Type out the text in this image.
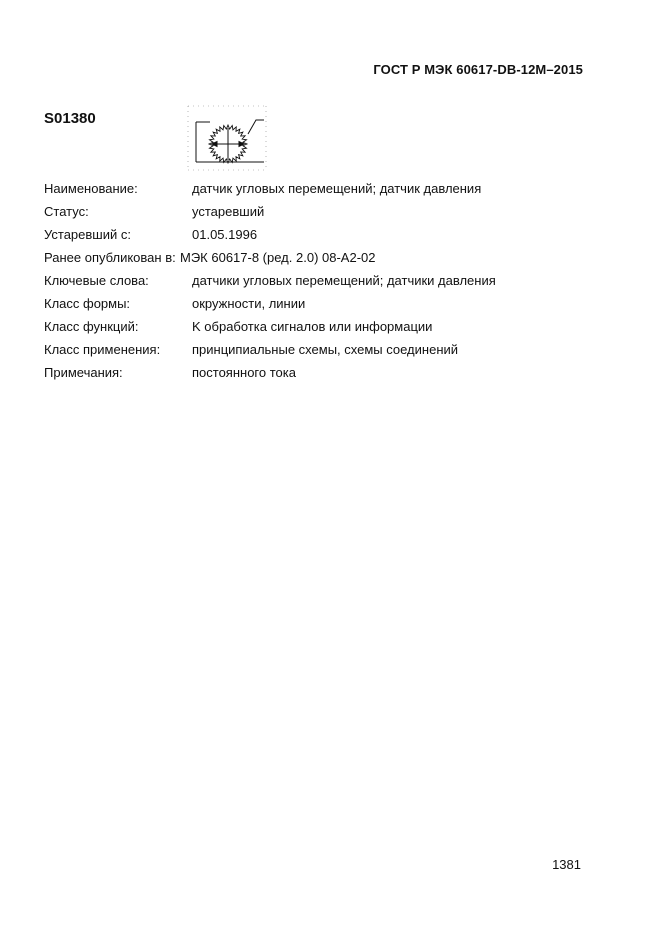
ГОСТ Р МЭК 60617-DB-12M–2015
S01380
Наименование:	датчик угловых перемещений; датчик давления
Статус:	устаревший
Устаревший с:	01.05.1996
Ранее опубликован в: МЭК 60617-8 (ред. 2.0) 08-A2-02
Ключевые слова:	датчики угловых перемещений; датчики давления
Класс формы:	окружности, линии
Класс функций:	K обработка сигналов или информации
Класс применения: принципиальные схемы, схемы соединений
Примечания:	постоянного тока
1381
